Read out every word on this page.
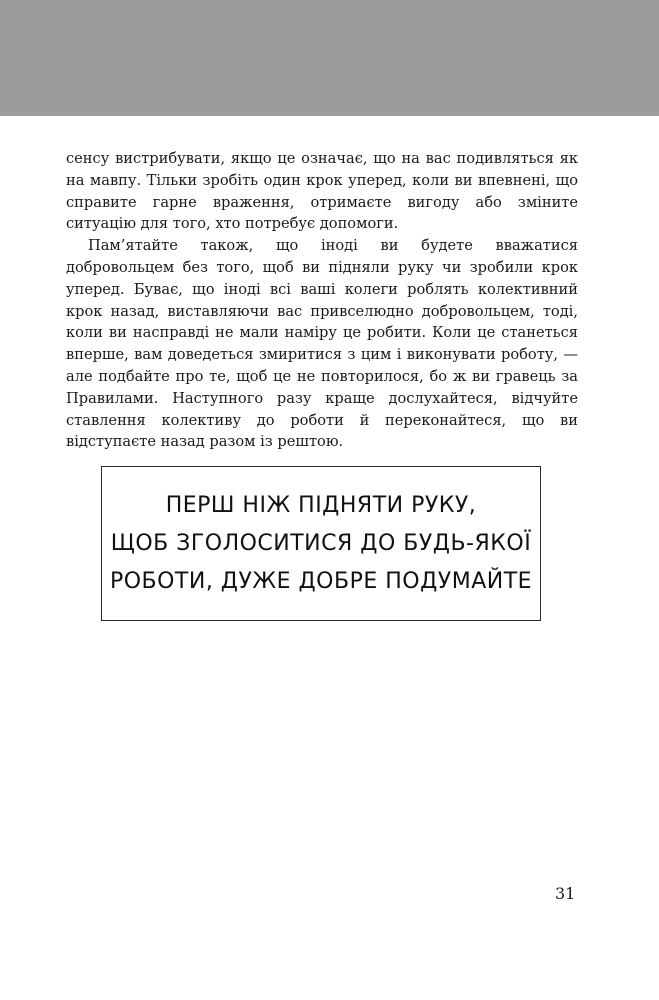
сенсу вистрибувати, якщо це означає, що на вас подивляться як на мавпу. Тільки зробіть один крок уперед, коли ви впевнені, що справите гарне враження, отримаєте вигоду або зміните ситуацію для того, хто потребує допомоги.

Пам’ятайте також, що іноді ви будете вважатися добровольцем без того, щоб ви підняли руку чи зробили крок уперед. Буває, що іноді всі ваші колеги роблять колективний крок назад, виставляючи вас привселюдно добровольцем, тоді, коли ви насправді не мали наміру це робити. Коли це станеться вперше, вам доведеться змиритися з цим і виконувати роботу, — але подбайте про те, щоб це не повторилося, бо ж ви гравець за Правилами. Наступного разу краще дослухайтеся, відчуйте ставлення колективу до роботи й переконайтеся, що ви відступаєте назад разом із рештою.

ПЕРШ НІЖ ПІДНЯТИ РУКУ,
ЩОБ ЗГОЛОСИТИСЯ ДО БУДЬ-ЯКОЇ
РОБОТИ, ДУЖЕ ДОБРЕ ПОДУМАЙТЕ
31
